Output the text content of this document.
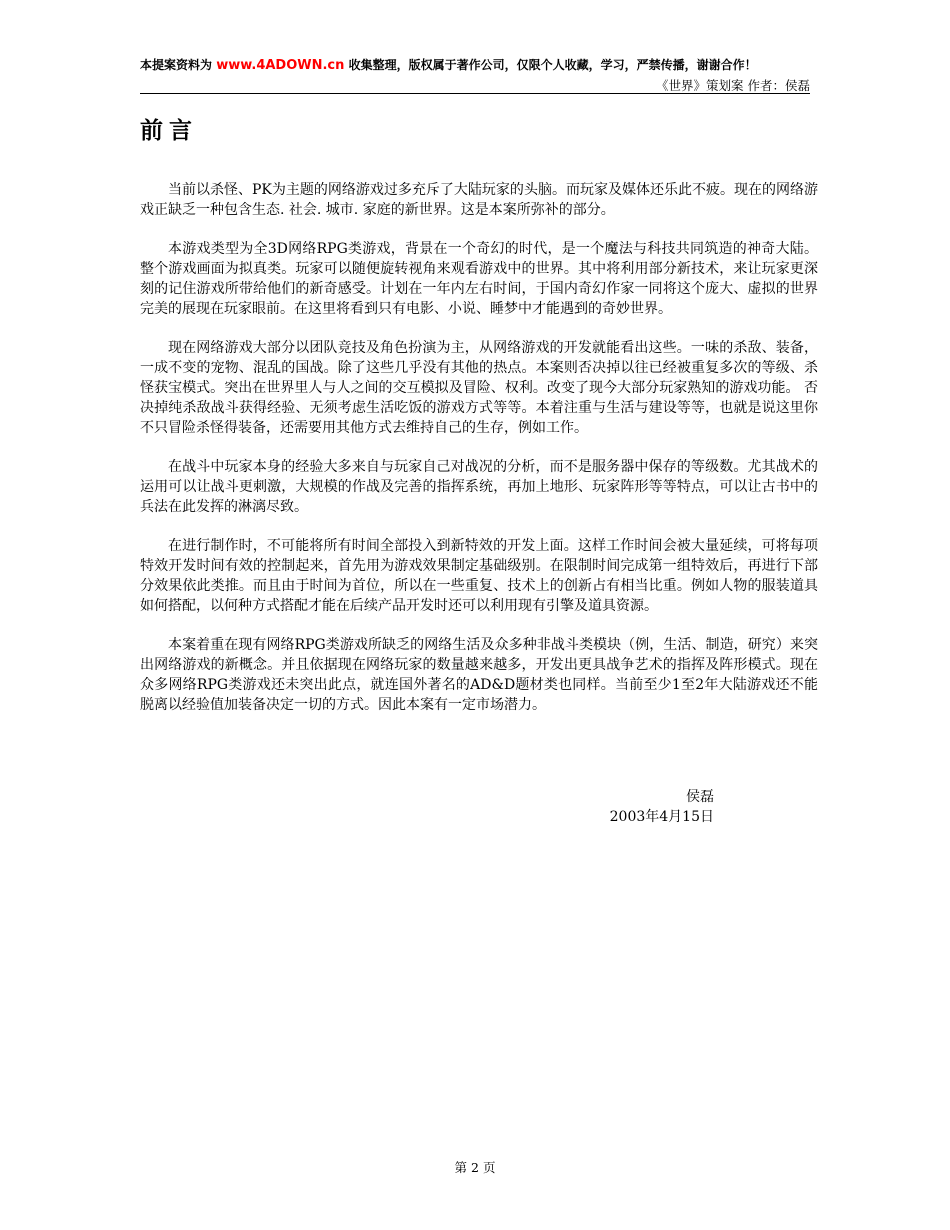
本提案资料为 www.4ADOWN.cn 收集整理，版权属于著作公司，仅限个人收藏，学习，严禁传播，谢谢合作！
《世界》策划案 作者：侯磊
前言

当前以杀怪、PK为主题的网络游戏过多充斥了大陆玩家的头脑。而玩家及媒体还乐此不疲。现在的网络游戏正缺乏一种包含生态. 社会. 城市. 家庭的新世界。这是本案所弥补的部分。

本游戏类型为全3D网络RPG类游戏，背景在一个奇幻的时代，是一个魔法与科技共同筑造的神奇大陆。整个游戏画面为拟真类。玩家可以随便旋转视角来观看游戏中的世界。其中将利用部分新技术，来让玩家更深刻的记住游戏所带给他们的新奇感受。计划在一年内左右时间，于国内奇幻作家一同将这个庞大、虚拟的世界完美的展现在玩家眼前。在这里将看到只有电影、小说、睡梦中才能遇到的奇妙世界。

现在网络游戏大部分以团队竞技及角色扮演为主，从网络游戏的开发就能看出这些。一味的杀敌、装备，一成不变的宠物、混乱的国战。除了这些几乎没有其他的热点。本案则否决掉以往已经被重复多次的等级、杀怪获宝模式。突出在世界里人与人之间的交互模拟及冒险、权利。改变了现今大部分玩家熟知的游戏功能。 否决掉纯杀敌战斗获得经验、无须考虑生活吃饭的游戏方式等等。本着注重与生活与建设等等，也就是说这里你不只冒险杀怪得装备，还需要用其他方式去维持自己的生存，例如工作。

在战斗中玩家本身的经验大多来自与玩家自己对战况的分析，而不是服务器中保存的等级数。尤其战术的运用可以让战斗更刺激，大规模的作战及完善的指挥系统，再加上地形、玩家阵形等等特点，可以让古书中的兵法在此发挥的淋漓尽致。

在进行制作时，不可能将所有时间全部投入到新特效的开发上面。这样工作时间会被大量延续，可将每项特效开发时间有效的控制起来，首先用为游戏效果制定基础级别。在限制时间完成第一组特效后，再进行下部分效果依此类推。而且由于时间为首位，所以在一些重复、技术上的创新占有相当比重。例如人物的服装道具如何搭配，以何种方式搭配才能在后续产品开发时还可以利用现有引擎及道具资源。

本案着重在现有网络RPG类游戏所缺乏的网络生活及众多种非战斗类模块（例，生活、制造，研究）来突出网络游戏的新概念。并且依据现在网络玩家的数量越来越多，开发出更具战争艺术的指挥及阵形模式。现在众多网络RPG类游戏还未突出此点，就连国外著名的AD&D题材类也同样。当前至少1至2年大陆游戏还不能脱离以经验值加装备决定一切的方式。因此本案有一定市场潜力。

侯磊
2003年4月15日
第 2 页
